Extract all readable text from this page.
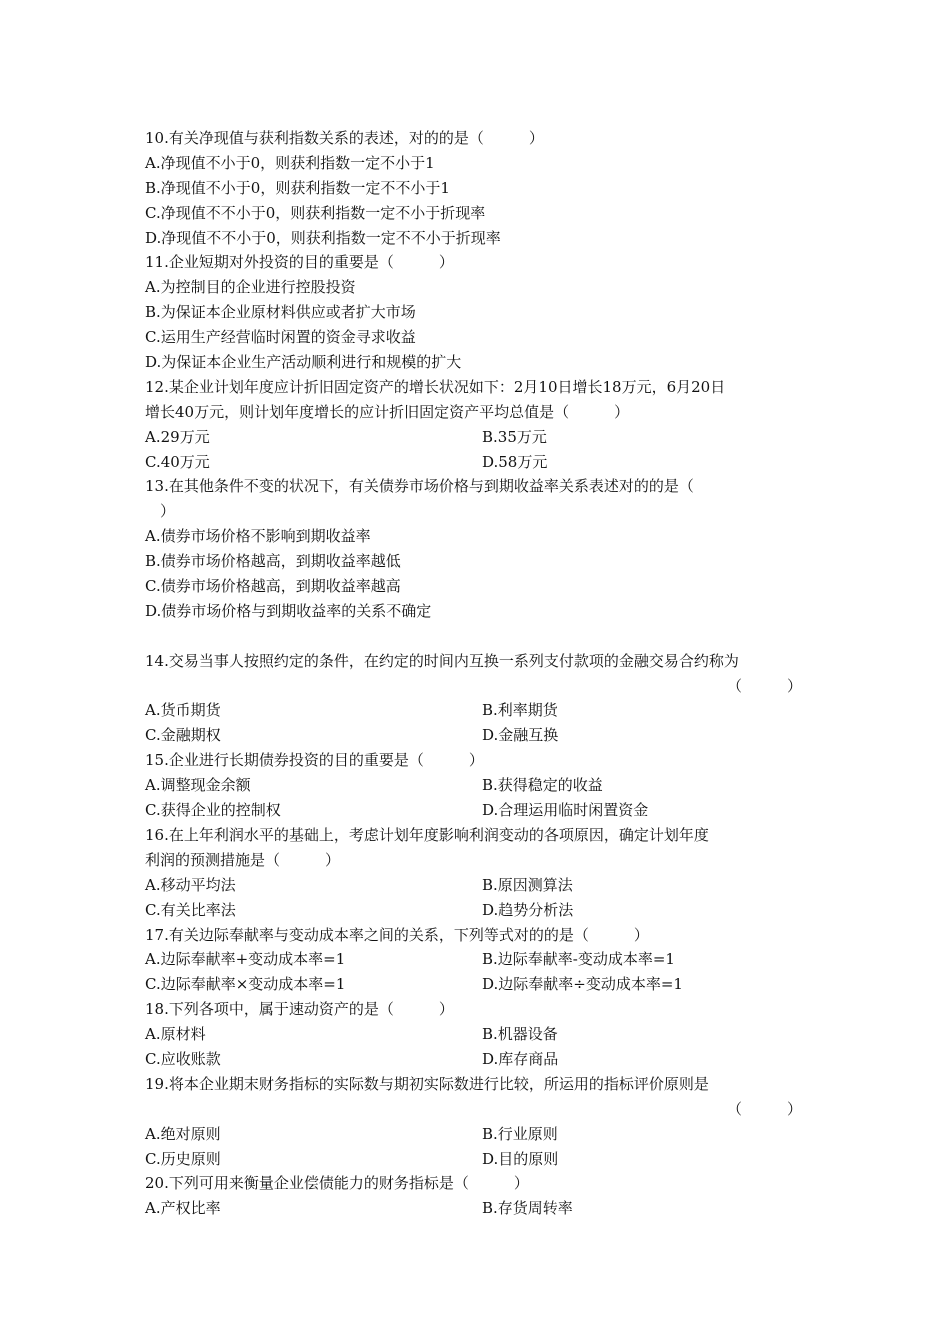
10.有关净现值与获利指数关系的表述，对的的是（　　　）
A.净现值不小于0，则获利指数一定不小于1
B.净现值不小于0，则获利指数一定不不小于1
C.净现值不不小于0，则获利指数一定不小于折现率
D.净现值不不小于0，则获利指数一定不不小于折现率
11.企业短期对外投资的目的重要是（　　　）
A.为控制目的企业进行控股投资
B.为保证本企业原材料供应或者扩大市场
C.运用生产经营临时闲置的资金寻求收益
D.为保证本企业生产活动顺利进行和规模的扩大
12.某企业计划年度应计折旧固定资产的增长状况如下：2月10日增长18万元，6月20日
增长40万元，则计划年度增长的应计折旧固定资产平均总值是（　　　）
A.29万元	B.35万元
C.40万元	D.58万元
13.在其他条件不变的状况下，有关债券市场价格与到期收益率关系表述对的的是（
　）
A.债券市场价格不影响到期收益率
B.债券市场价格越高，到期收益率越低
C.债券市场价格越高，到期收益率越高
D.债券市场价格与到期收益率的关系不确定
14.交易当事人按照约定的条件，在约定的时间内互换一系列支付款项的金融交易合约称为
（　　　）
A.货币期货	B.利率期货
C.金融期权	D.金融互换
15.企业进行长期债券投资的目的重要是（　　　）
A.调整现金余额	B.获得稳定的收益
C.获得企业的控制权	D.合理运用临时闲置资金
16.在上年利润水平的基础上，考虑计划年度影响利润变动的各项原因，确定计划年度
利润的预测措施是（　　　）
A.移动平均法	B.原因测算法
C.有关比率法	D.趋势分析法
17.有关边际奉献率与变动成本率之间的关系，下列等式对的的是（　　　）
A.边际奉献率+变动成本率=1	B.边际奉献率-变动成本率=1
C.边际奉献率×变动成本率=1	D.边际奉献率÷变动成本率=1
18.下列各项中，属于速动资产的是（　　　）
A.原材料	B.机器设备
C.应收账款	D.库存商品
19.将本企业期末财务指标的实际数与期初实际数进行比较，所运用的指标评价原则是
（　　　）
A.绝对原则	B.行业原则
C.历史原则	D.目的原则
20.下列可用来衡量企业偿债能力的财务指标是（　　　）
A.产权比率	B.存货周转率
